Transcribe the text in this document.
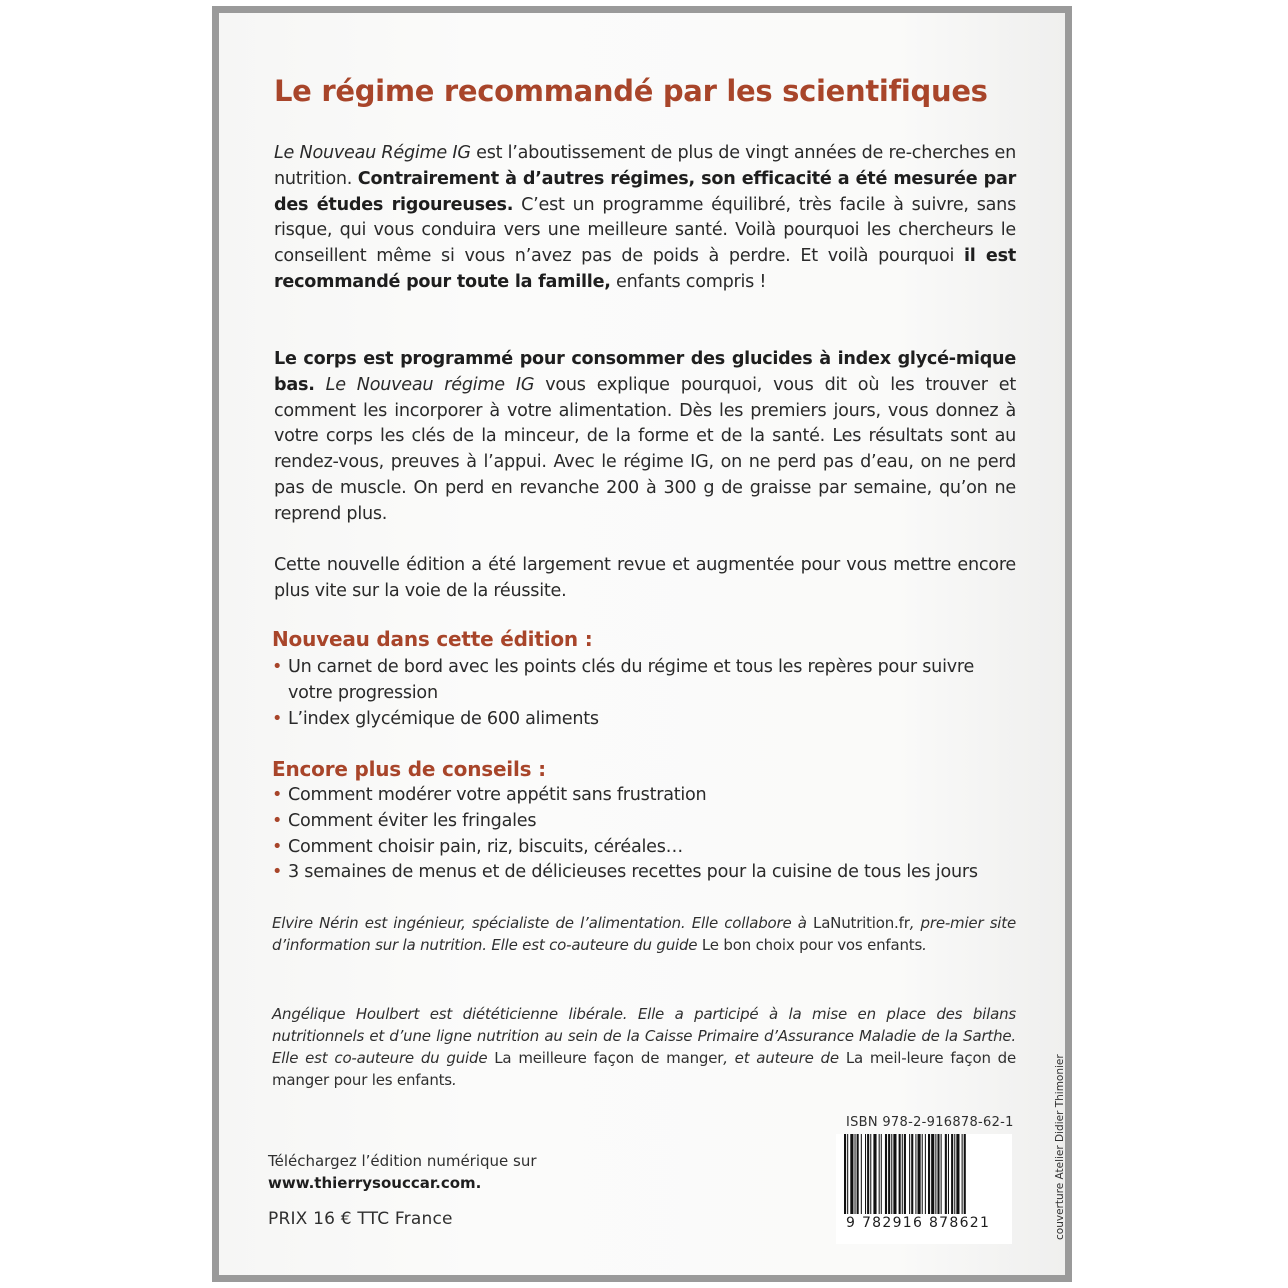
Le régime recommandé par les scientifiques

Le Nouveau Régime IG est l’aboutissement de plus de vingt années de re-cherches en nutrition. Contrairement à d’autres régimes, son efficacité a été mesurée par des études rigoureuses. C’est un programme équilibré, très facile à suivre, sans risque, qui vous conduira vers une meilleure santé. Voilà pourquoi les chercheurs le conseillent même si vous n’avez pas de poids à perdre. Et voilà pourquoi il est recommandé pour toute la famille, enfants compris !

Le corps est programmé pour consommer des glucides à index glycé-mique bas. Le Nouveau régime IG vous explique pourquoi, vous dit où les trouver et comment les incorporer à votre alimentation. Dès les premiers jours, vous donnez à votre corps les clés de la minceur, de la forme et de la santé. Les résultats sont au rendez-vous, preuves à l’appui. Avec le régime IG, on ne perd pas d’eau, on ne perd pas de muscle. On perd en revanche 200 à 300 g de graisse par semaine, qu’on ne reprend plus.

Cette nouvelle édition a été largement revue et augmentée pour vous mettre encore plus vite sur la voie de la réussite.

Nouveau dans cette édition :
• Un carnet de bord avec les points clés du régime et tous les repères pour suivre votre progression
• L’index glycémique de 600 aliments
Encore plus de conseils :
• Comment modérer votre appétit sans frustration
• Comment éviter les fringales
• Comment choisir pain, riz, biscuits, céréales…
• 3 semaines de menus et de délicieuses recettes pour la cuisine de tous les jours

Elvire Nérin est ingénieur, spécialiste de l’alimentation. Elle collabore à LaNutrition.fr, pre-mier site d’information sur la nutrition. Elle est co-auteure du guide Le bon choix pour vos enfants.

Angélique Houlbert est diététicienne libérale. Elle a participé à la mise en place des bilans nutritionnels et d’une ligne nutrition au sein de la Caisse Primaire d’Assurance Maladie de la Sarthe. Elle est co-auteure du guide La meilleure façon de manger, et auteure de La meil-leure façon de manger pour les enfants.

Téléchargez l’édition numérique sur
www.thierrysouccar.com.
PRIX 16 € TTC France
ISBN 978-2-916878-62-1
9 782916 878621	couverture Atelier Didier Thimonier
